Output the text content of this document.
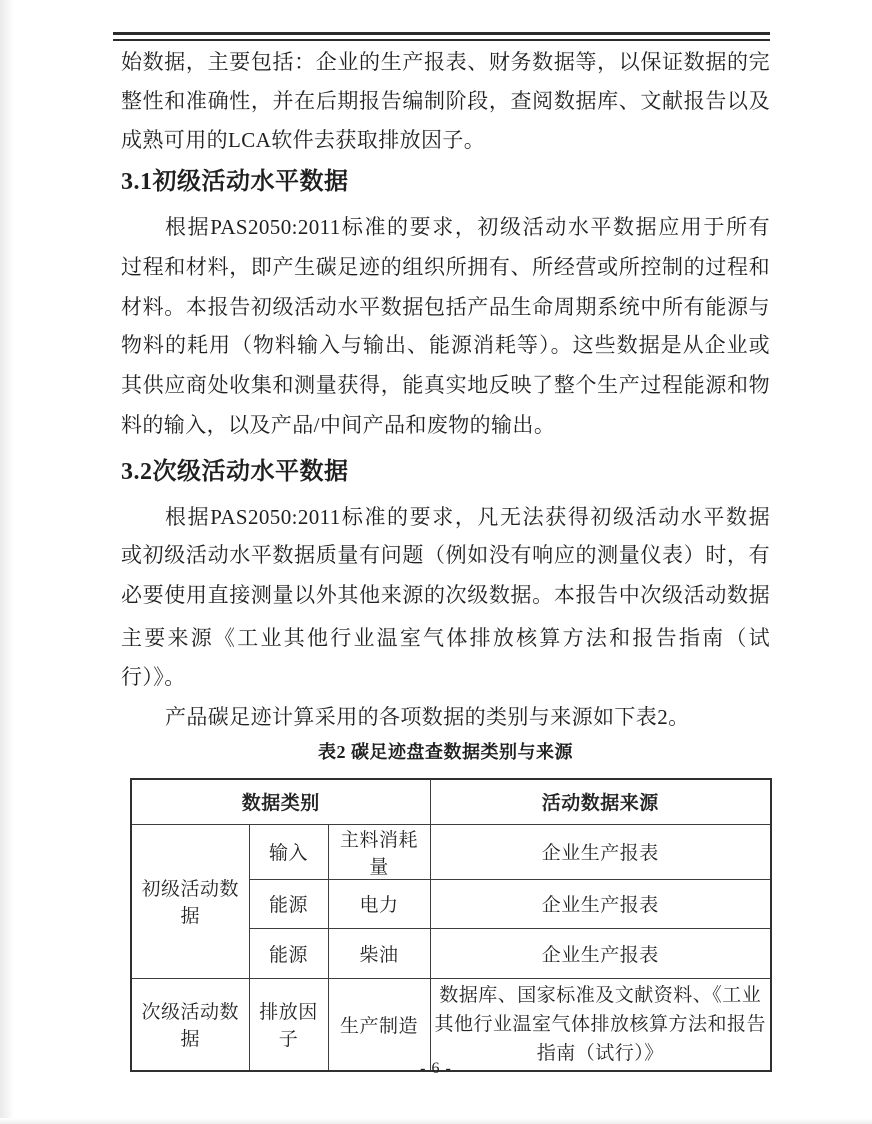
始数据，主要包括：企业的生产报表、财务数据等，以保证数据的完
整性和准确性，并在后期报告编制阶段，查阅数据库、文献报告以及
成熟可用的LCA软件去获取排放因子。
3.1初级活动水平数据
根据PAS2050:2011标准的要求，初级活动水平数据应用于所有
过程和材料，即产生碳足迹的组织所拥有、所经营或所控制的过程和
材料。本报告初级活动水平数据包括产品生命周期系统中所有能源与
物料的耗用（物料输入与输出、能源消耗等）。这些数据是从企业或
其供应商处收集和测量获得，能真实地反映了整个生产过程能源和物
料的输入，以及产品/中间产品和废物的输出。
3.2次级活动水平数据
根据PAS2050:2011标准的要求，凡无法获得初级活动水平数据
或初级活动水平数据质量有问题（例如没有响应的测量仪表）时，有
必要使用直接测量以外其他来源的次级数据。本报告中次级活动数据
主要来源《工业其他行业温室气体排放核算方法和报告指南（试
行）》。
产品碳足迹计算采用的各项数据的类别与来源如下表2。
表2 碳足迹盘查数据类别与来源
数据类别			活动数据来源
初级活动数据	输入	主料消耗量	企业生产报表
	能源	电力	企业生产报表
	能源	柴油	企业生产报表
次级活动数据	排放因子	生产制造	数据库、国家标准及文献资料、《工业其他行业温室气体排放核算方法和报告指南（试行）》
- 6 -
